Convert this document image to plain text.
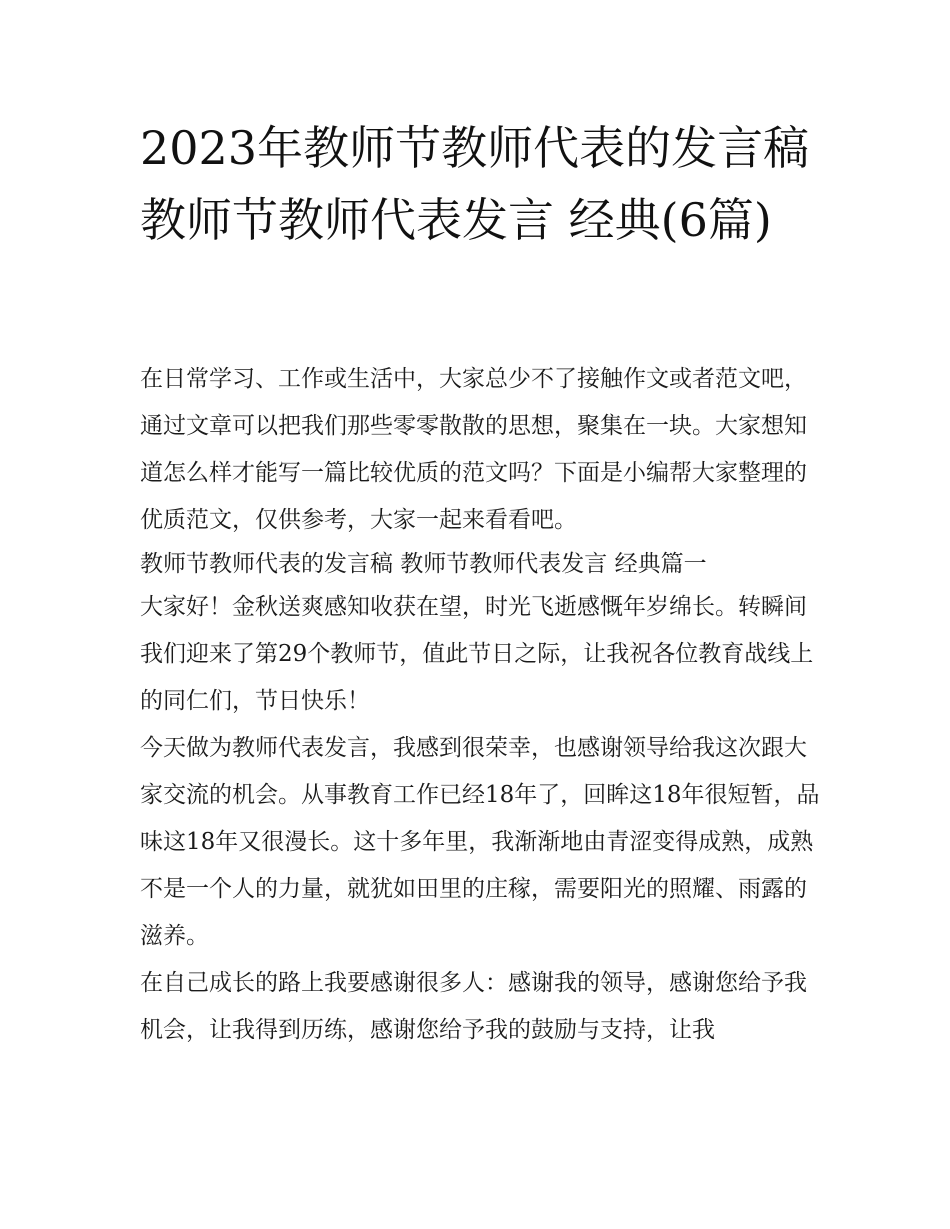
2023年教师节教师代表的发言稿 教师节教师代表发言 经典(6篇)

在日常学习、工作或生活中，大家总少不了接触作文或者范文吧，通过文章可以把我们那些零零散散的思想，聚集在一块。大家想知道怎么样才能写一篇比较优质的范文吗？下面是小编帮大家整理的优质范文，仅供参考，大家一起来看看吧。

教师节教师代表的发言稿 教师节教师代表发言 经典篇一

大家好！金秋送爽感知收获在望，时光飞逝感慨年岁绵长。转瞬间我们迎来了第29个教师节，值此节日之际，让我祝各位教育战线上的同仁们，节日快乐！

今天做为教师代表发言，我感到很荣幸，也感谢领导给我这次跟大家交流的机会。从事教育工作已经18年了，回眸这18年很短暂，品味这18年又很漫长。这十多年里，我渐渐地由青涩变得成熟，成熟不是一个人的力量，就犹如田里的庄稼，需要阳光的照耀、雨露的滋养。

在自己成长的路上我要感谢很多人：感谢我的领导，感谢您给予我机会，让我得到历练，感谢您给予我的鼓励与支持，让我
